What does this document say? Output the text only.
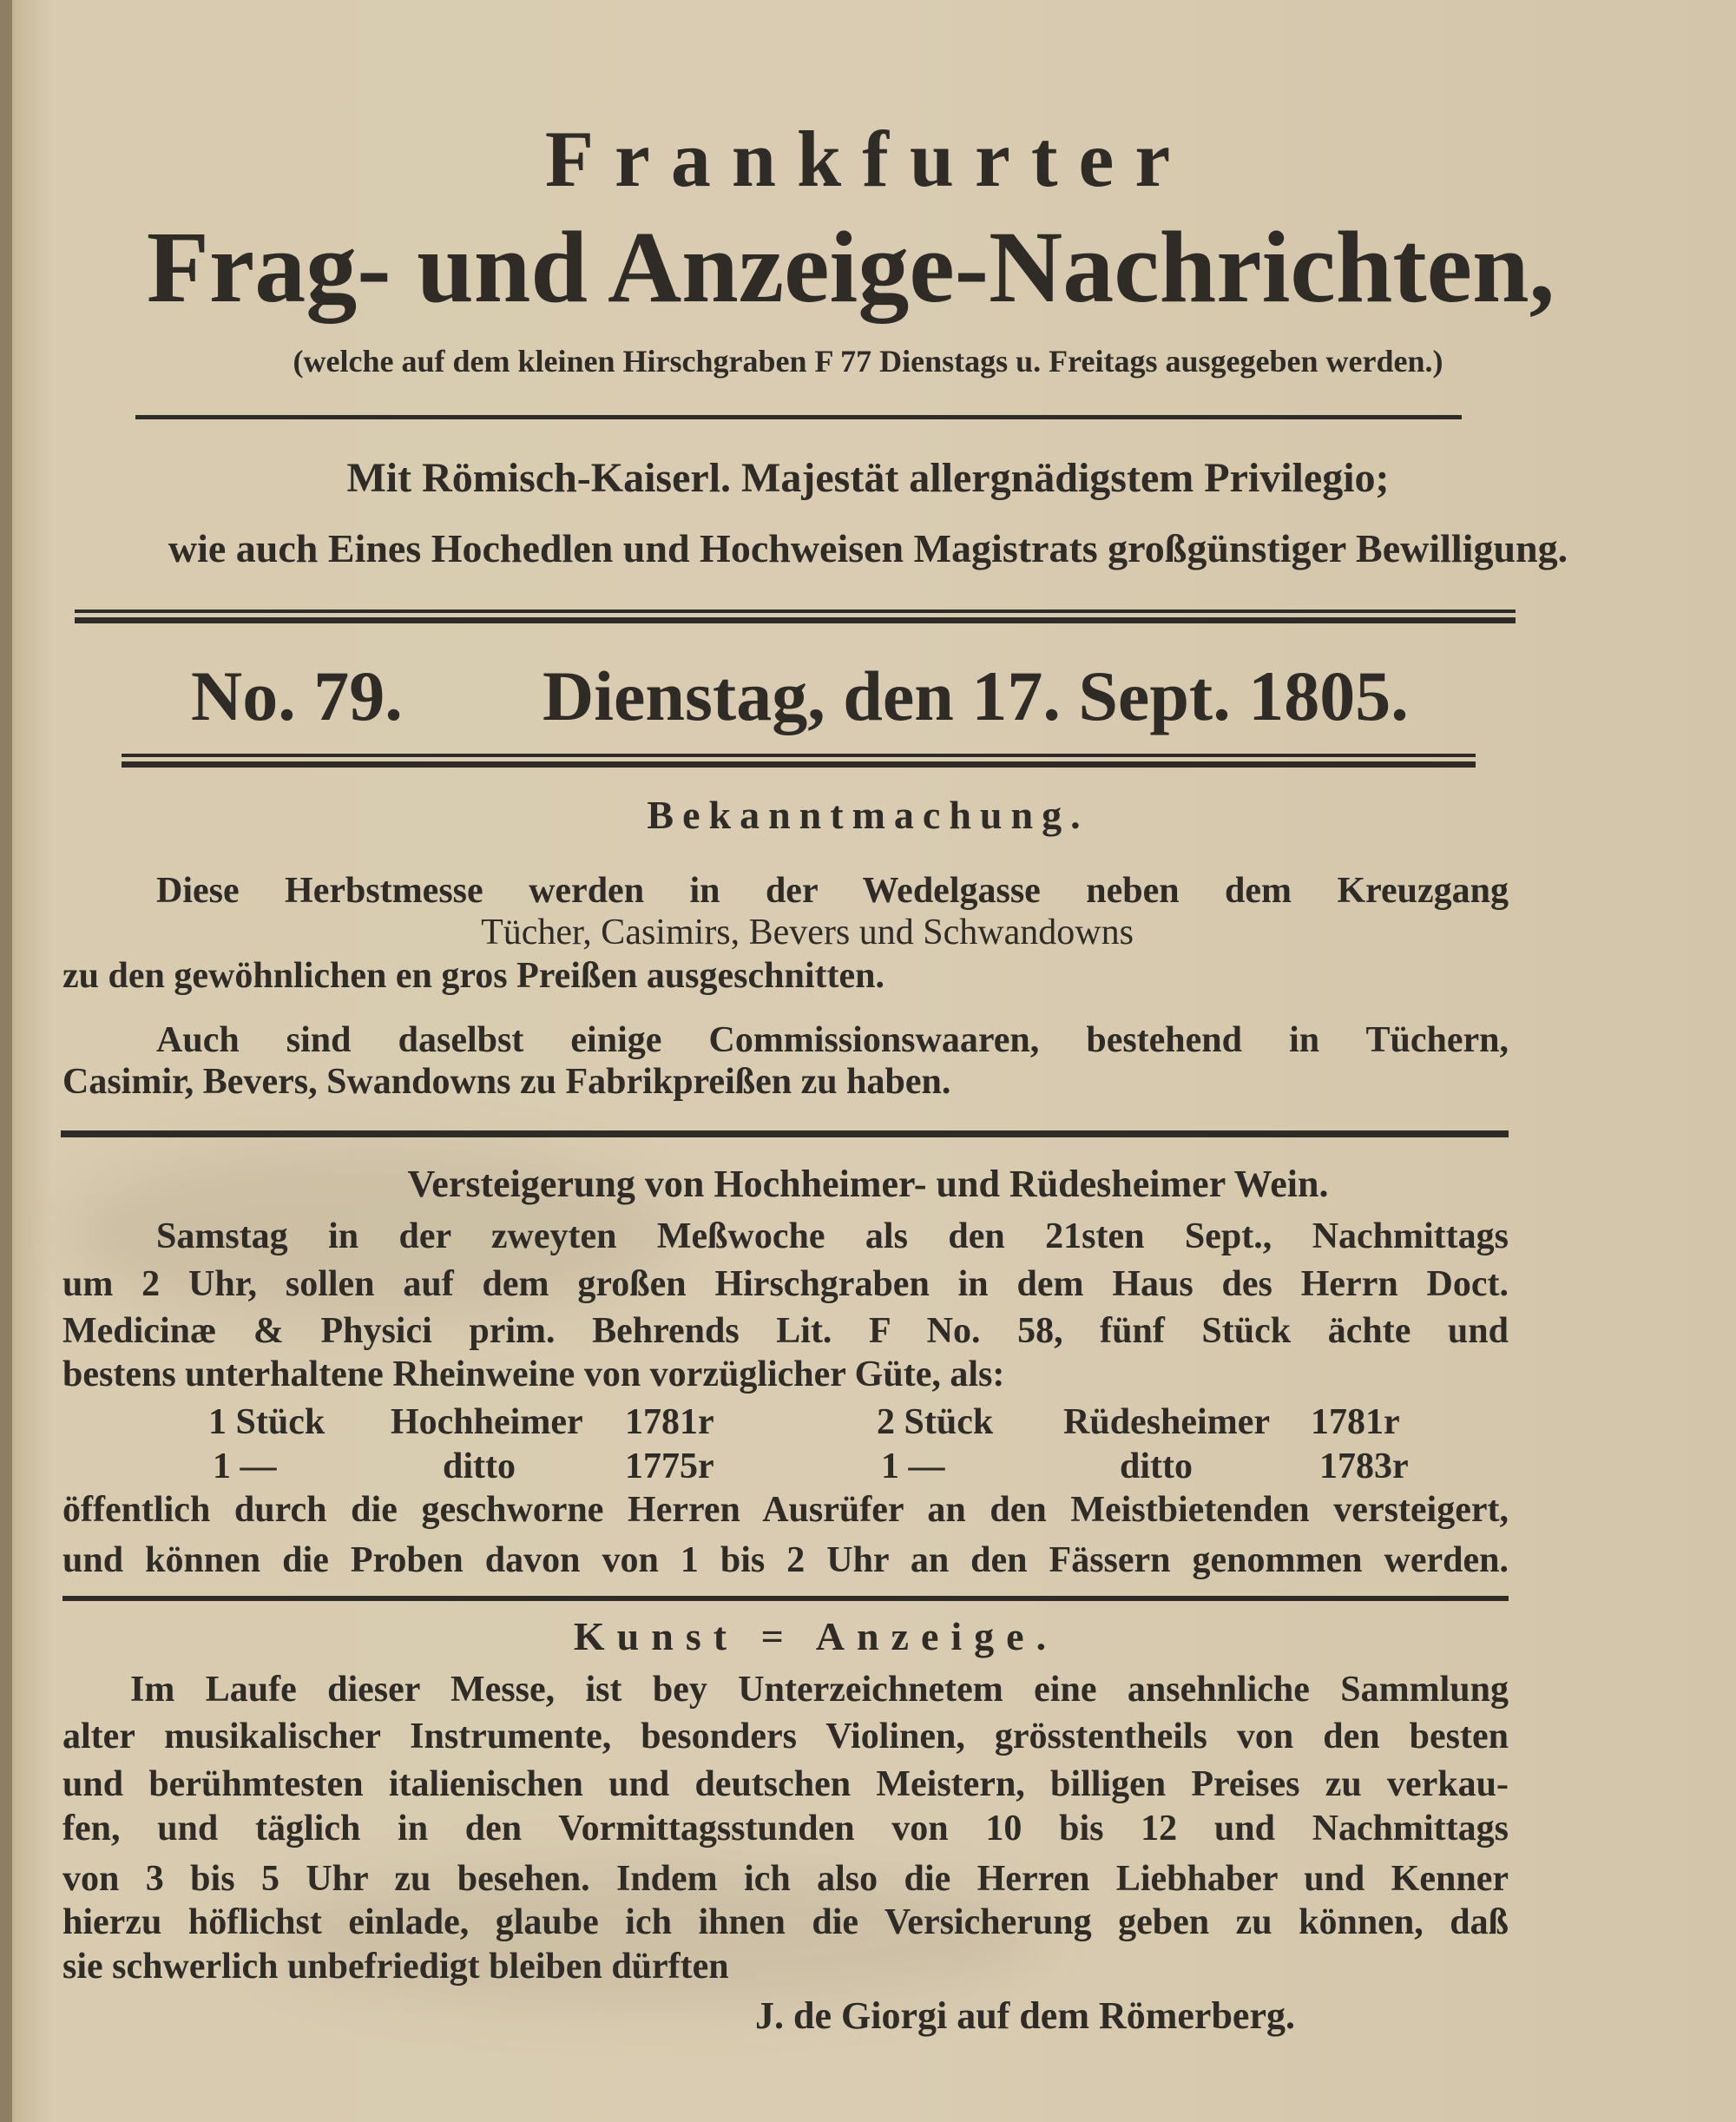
Frankfurter
Frag- und Anzeige-Nachrichten,
(welche auf dem kleinen Hirschgraben F 77 Dienstags u. Freitags ausgegeben werden.)
Mit Römisch-Kaiserl. Majestät allergnädigstem Privilegio;
wie auch Eines Hochedlen und Hochweisen Magistrats großgünstiger Bewilligung.
No. 79. Dienstag, den 17. Sept. 1805.
Bekanntmachung.
Diese Herbstmesse werden in der Wedelgasse neben dem Kreuzgang
Tücher, Casimirs, Bevers und Schwandowns
zu den gewöhnlichen en gros Preißen ausgeschnitten.
Auch sind daselbst einige Commissionswaaren, bestehend in Tüchern,
Casimir, Bevers, Swandowns zu Fabrikpreißen zu haben.
Versteigerung von Hochheimer- und Rüdesheimer Wein.
Samstag in der zweyten Meßwoche als den 21sten Sept., Nachmittags
um 2 Uhr, sollen auf dem großen Hirschgraben in dem Haus des Herrn Doct.
Medicinæ & Physici prim. Behrends Lit. F No. 58, fünf Stück ächte und
bestens unterhaltene Rheinweine von vorzüglicher Güte, als:
1 Stück Hochheimer 1781r	2 Stück Rüdesheimer 1781r
1 —	ditto	1775r	1 —	ditto	1783r
öffentlich durch die geschworne Herren Ausrüfer an den Meistbietenden versteigert,
und können die Proben davon von 1 bis 2 Uhr an den Fässern genommen werden.
Kunst = Anzeige.
Im Laufe dieser Messe, ist bey Unterzeichnetem eine ansehnliche Sammlung
alter musikalischer Instrumente, besonders Violinen, grösstentheils von den besten
und berühmtesten italienischen und deutschen Meistern, billigen Preises zu verkau-
fen, und täglich in den Vormittagsstunden von 10 bis 12 und Nachmittags
von 3 bis 5 Uhr zu besehen. Indem ich also die Herren Liebhaber und Kenner
hierzu höflichst einlade, glaube ich ihnen die Versicherung geben zu können, daß
sie schwerlich unbefriedigt bleiben dürften
J. de Giorgi auf dem Römerberg.
